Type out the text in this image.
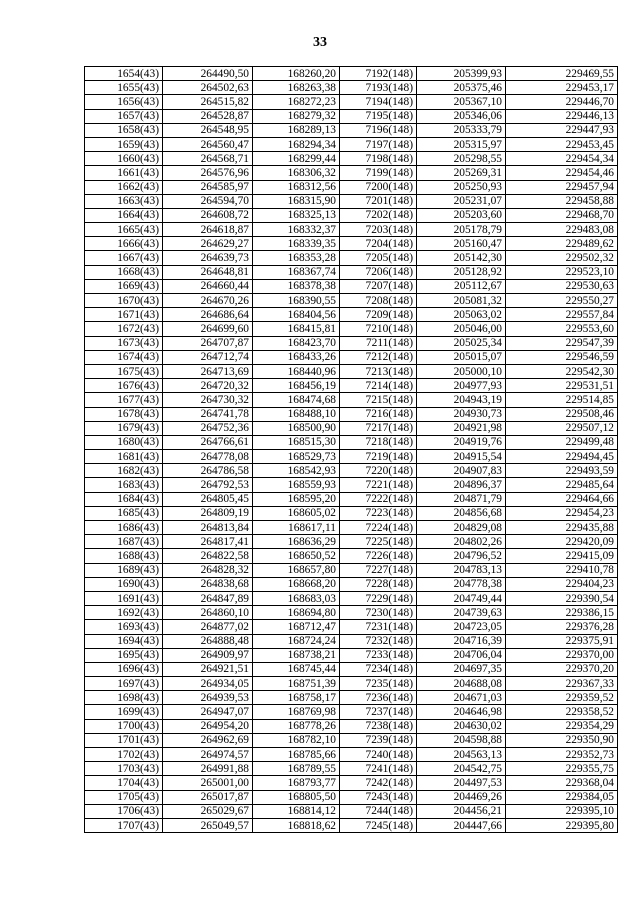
33
1654(43)	264490,50	168260,20	7192(148)	205399,93	229469,55
1655(43)	264502,63	168263,38	7193(148)	205375,46	229453,17
1656(43)	264515,82	168272,23	7194(148)	205367,10	229446,70
1657(43)	264528,87	168279,32	7195(148)	205346,06	229446,13
1658(43)	264548,95	168289,13	7196(148)	205333,79	229447,93
1659(43)	264560,47	168294,34	7197(148)	205315,97	229453,45
1660(43)	264568,71	168299,44	7198(148)	205298,55	229454,34
1661(43)	264576,96	168306,32	7199(148)	205269,31	229454,46
1662(43)	264585,97	168312,56	7200(148)	205250,93	229457,94
1663(43)	264594,70	168315,90	7201(148)	205231,07	229458,88
1664(43)	264608,72	168325,13	7202(148)	205203,60	229468,70
1665(43)	264618,87	168332,37	7203(148)	205178,79	229483,08
1666(43)	264629,27	168339,35	7204(148)	205160,47	229489,62
1667(43)	264639,73	168353,28	7205(148)	205142,30	229502,32
1668(43)	264648,81	168367,74	7206(148)	205128,92	229523,10
1669(43)	264660,44	168378,38	7207(148)	205112,67	229530,63
1670(43)	264670,26	168390,55	7208(148)	205081,32	229550,27
1671(43)	264686,64	168404,56	7209(148)	205063,02	229557,84
1672(43)	264699,60	168415,81	7210(148)	205046,00	229553,60
1673(43)	264707,87	168423,70	7211(148)	205025,34	229547,39
1674(43)	264712,74	168433,26	7212(148)	205015,07	229546,59
1675(43)	264713,69	168440,96	7213(148)	205000,10	229542,30
1676(43)	264720,32	168456,19	7214(148)	204977,93	229531,51
1677(43)	264730,32	168474,68	7215(148)	204943,19	229514,85
1678(43)	264741,78	168488,10	7216(148)	204930,73	229508,46
1679(43)	264752,36	168500,90	7217(148)	204921,98	229507,12
1680(43)	264766,61	168515,30	7218(148)	204919,76	229499,48
1681(43)	264778,08	168529,73	7219(148)	204915,54	229494,45
1682(43)	264786,58	168542,93	7220(148)	204907,83	229493,59
1683(43)	264792,53	168559,93	7221(148)	204896,37	229485,64
1684(43)	264805,45	168595,20	7222(148)	204871,79	229464,66
1685(43)	264809,19	168605,02	7223(148)	204856,68	229454,23
1686(43)	264813,84	168617,11	7224(148)	204829,08	229435,88
1687(43)	264817,41	168636,29	7225(148)	204802,26	229420,09
1688(43)	264822,58	168650,52	7226(148)	204796,52	229415,09
1689(43)	264828,32	168657,80	7227(148)	204783,13	229410,78
1690(43)	264838,68	168668,20	7228(148)	204778,38	229404,23
1691(43)	264847,89	168683,03	7229(148)	204749,44	229390,54
1692(43)	264860,10	168694,80	7230(148)	204739,63	229386,15
1693(43)	264877,02	168712,47	7231(148)	204723,05	229376,28
1694(43)	264888,48	168724,24	7232(148)	204716,39	229375,91
1695(43)	264909,97	168738,21	7233(148)	204706,04	229370,00
1696(43)	264921,51	168745,44	7234(148)	204697,35	229370,20
1697(43)	264934,05	168751,39	7235(148)	204688,08	229367,33
1698(43)	264939,53	168758,17	7236(148)	204671,03	229359,52
1699(43)	264947,07	168769,98	7237(148)	204646,98	229358,52
1700(43)	264954,20	168778,26	7238(148)	204630,02	229354,29
1701(43)	264962,69	168782,10	7239(148)	204598,88	229350,90
1702(43)	264974,57	168785,66	7240(148)	204563,13	229352,73
1703(43)	264991,88	168789,55	7241(148)	204542,75	229355,75
1704(43)	265001,00	168793,77	7242(148)	204497,53	229368,04
1705(43)	265017,87	168805,50	7243(148)	204469,26	229384,05
1706(43)	265029,67	168814,12	7244(148)	204456,21	229395,10
1707(43)	265049,57	168818,62	7245(148)	204447,66	229395,80
